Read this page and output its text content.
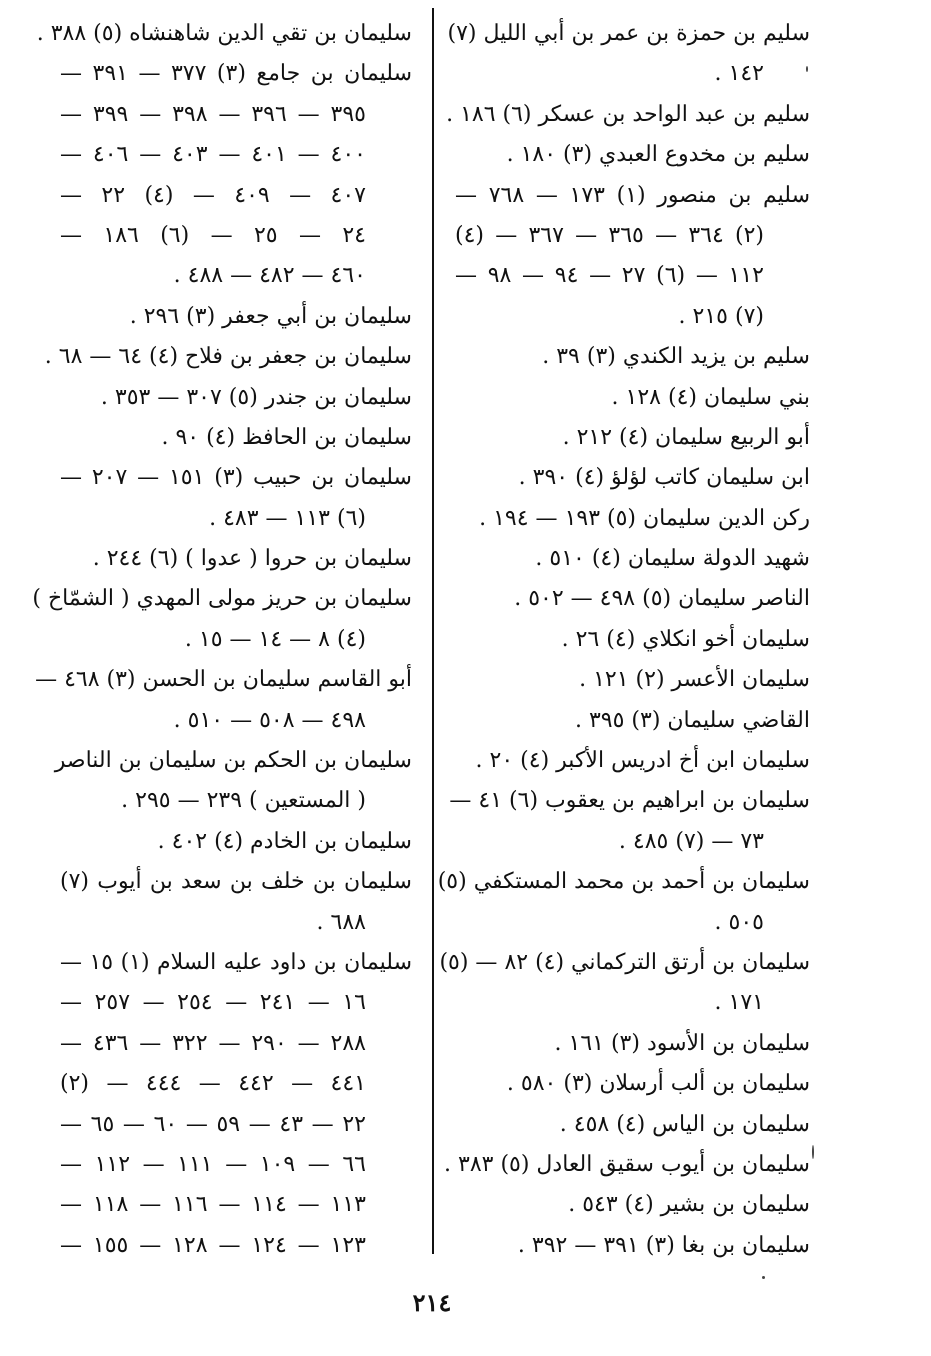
سليم بن حمزة بن عمر بن أبي الليل (٧)
١٤٢ .
سليم بن عبد الواحد بن عسكر (٦) ١٨٦ .
سليم بن مخدوع العبدي (٣) ١٨٠ .
سليم بن منصور (١) ١٧٣ — ٧٦٨ —
(٢) ٣٦٤ — ٣٦٥ — ٣٦٧ — (٤)
١١٢ — (٦) ٢٧ — ٩٤ — ٩٨ —
(٧) ٢١٥ .
سليم بن يزيد الكندي (٣) ٣٩ .
بني سليمان (٤) ١٢٨ .
أبو الربيع سليمان (٤) ٢١٢ .
ابن سليمان كاتب لؤلؤ (٤) ٣٩٠ .
ركن الدين سليمان (٥) ١٩٣ — ١٩٤ .
شهيد الدولة سليمان (٤) ٥١٠ .
الناصر سليمان (٥) ٤٩٨ — ٥٠٢ .
سليمان أخو انكلاي (٤) ٢٦ .
سليمان الأعسر (٢) ١٢١ .
القاضي سليمان (٣) ٣٩٥ .
سليمان ابن أخ ادريس الأكبر (٤) ٢٠ .
سليمان بن ابراهيم بن يعقوب (٦) ٤١ —
٧٣ — (٧) ٤٨٥ .
سليمان بن أحمد بن محمد المستكفي (٥)
٥٠٥ .
سليمان بن أرتق التركماني (٤) ٨٢ — (٥)
١٧١ .
سليمان بن الأسود (٣) ١٦١ .
سليمان بن ألب أرسلان (٣) ٥٨٠ .
سليمان بن الياس (٤) ٤٥٨ .
سليمان بن أيوب سقيق العادل (٥) ٣٨٣ .
سليمان بن بشير (٤) ٥٤٣ .
سليمان بن بغا (٣) ٣٩١ — ٣٩٢ .
سليمان بن تقي الدين شاهنشاه (٥) ٣٨٨ .
سليمان بن جامع (٣) ٣٧٧ — ٣٩١ —
٣٩٥ — ٣٩٦ — ٣٩٨ — ٣٩٩ —
٤٠٠ — ٤٠١ — ٤٠٣ — ٤٠٦ —
٤٠٧ — ٤٠٩ — (٤) ٢٢ —
٢٤ — ٢٥ — (٦) ١٨٦ —
٤٦٠ — ٤٨٢ — ٤٨٨ .
سليمان بن أبي جعفر (٣) ٢٩٦ .
سليمان بن جعفر بن فلاح (٤) ٦٤ — ٦٨ .
سليمان بن جندر (٥) ٣٠٧ — ٣٥٣ .
سليمان بن الحافظ (٤) ٩٠ .
سليمان بن حبيب (٣) ١٥١ — ٢٠٧ —
(٦) ١١٣ — ٤٨٣ .
سليمان بن حروا ( عدوا ) (٦) ٢٤٤ .
سليمان بن حريز مولى المهدي ( الشمّاخ )
(٤) ٨ — ١٤ — ١٥ .
أبو القاسم سليمان بن الحسن (٣) ٤٦٨ —
٤٩٨ — ٥٠٨ — ٥١٠ .
سليمان بن الحكم بن سليمان بن الناصر
( المستعين ) ٢٣٩ — ٢٩٥ .
سليمان بن الخادم (٤) ٤٠٢ .
سليمان بن خلف بن سعد بن أيوب (٧)
٦٨٨ .
سليمان بن داود عليه السلام (١) ١٥ —
١٦ — ٢٤١ — ٢٥٤ — ٢٥٧ —
٢٨٨ — ٢٩٠ — ٣٢٢ — ٤٣٦ —
٤٤١ — ٤٤٢ — ٤٤٤ — (٢)
٢٢ — ٤٣ — ٥٩ — ٦٠ — ٦٥ —
٦٦ — ١٠٩ — ١١١ — ١١٢ —
١١٣ — ١١٤ — ١١٦ — ١١٨ —
١٢٣ — ١٢٤ — ١٢٨ — ١٥٥ —
٢١٤
